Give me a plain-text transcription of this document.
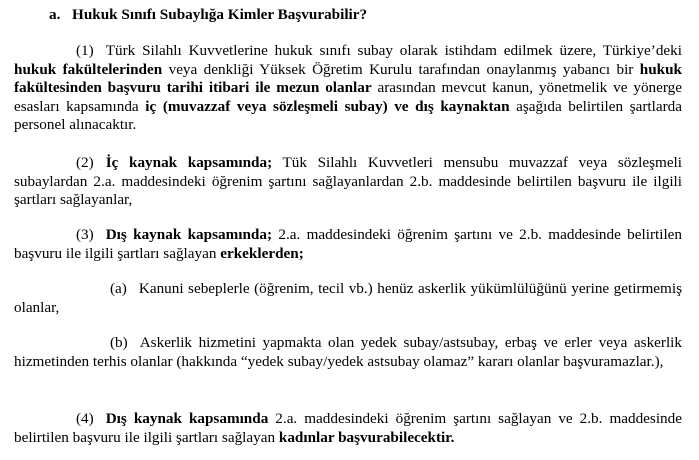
a. Hukuk Sınıfı Subaylığa Kimler Başvurabilir?

(1) Türk Silahlı Kuvvetlerine hukuk sınıfı subay olarak istihdam edilmek üzere, Türkiye’deki hukuk fakültelerinden veya denkliği Yüksek Öğretim Kurulu tarafından onaylanmış yabancı bir hukuk fakültesinden başvuru tarihi itibari ile mezun olanlar arasından mevcut kanun, yönetmelik ve yönerge esasları kapsamında iç (muvazzaf veya sözleşmeli subay) ve dış kaynaktan aşağıda belirtilen şartlarda personel alınacaktır.

(2) İç kaynak kapsamında; Tük Silahlı Kuvvetleri mensubu muvazzaf veya sözleşmeli subaylardan 2.a. maddesindeki öğrenim şartını sağlayanlardan 2.b. maddesinde belirtilen başvuru ile ilgili şartları sağlayanlar,

(3) Dış kaynak kapsamında; 2.a. maddesindeki öğrenim şartını ve 2.b. maddesinde belirtilen başvuru ile ilgili şartları sağlayan erkeklerden;

(a) Kanuni sebeplerle (öğrenim, tecil vb.) henüz askerlik yükümlülüğünü yerine getirmemiş olanlar,

(b) Askerlik hizmetini yapmakta olan yedek subay/astsubay, erbaş ve erler veya askerlik hizmetinden terhis olanlar (hakkında “yedek subay/yedek astsubay olamaz” kararı olanlar başvuramazlar.),

(4) Dış kaynak kapsamında 2.a. maddesindeki öğrenim şartını sağlayan ve 2.b. maddesinde belirtilen başvuru ile ilgili şartları sağlayan kadınlar başvurabilecektir.
